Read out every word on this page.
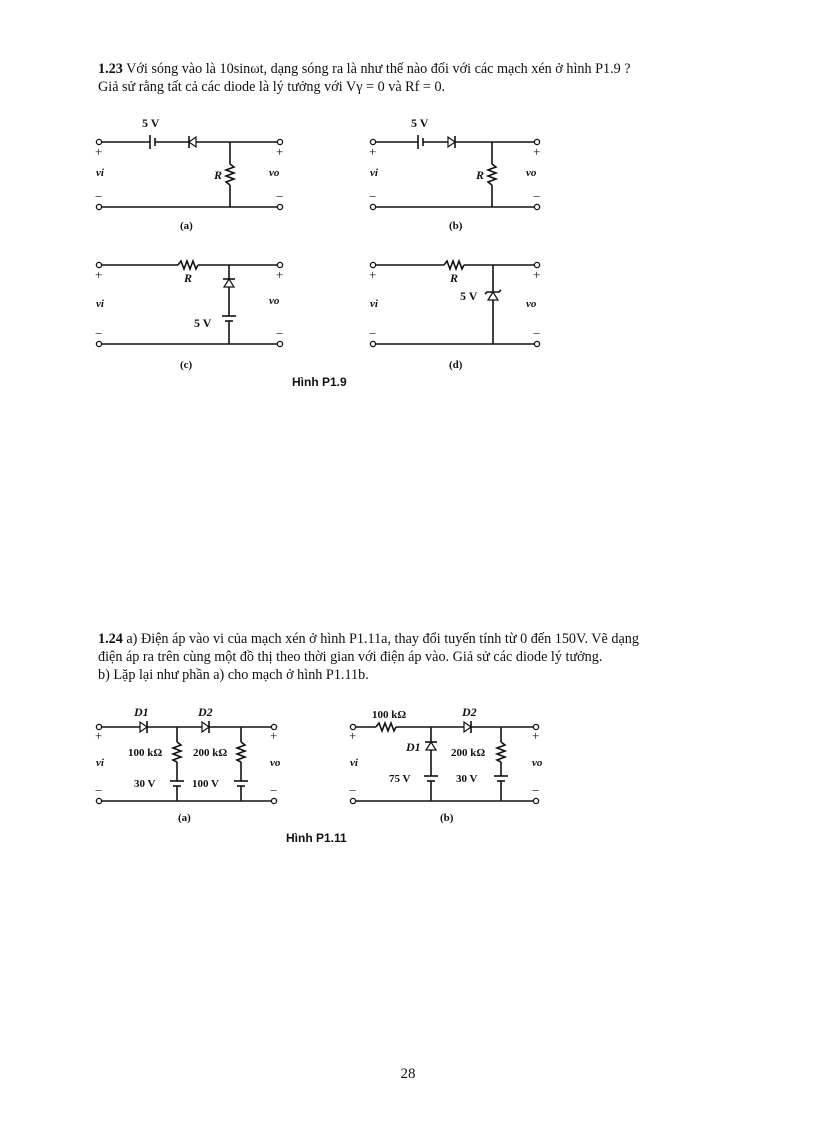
1.23 Với sóng vào là 10sinωt, dạng sóng ra là như thế nào đối với các mạch xén ở hình P1.9 ?
Giả sử rằng tất cả các diode là lý tưởng với Vγ = 0 và Rf = 0.
+	+
−	−
5 V
R
vi	vo
(a)
+	+
−	−
5 V
R
vi	vo
(b)
+	+
−	−
R
5 V
vi	vo
(c)
+	+
−	−
R
5 V
vi	vo
(d)
Hình P1.9
1.24 a) Điện áp vào vi của mạch xén ở hình P1.11a, thay đổi tuyến tính từ 0 đến 150V. Vẽ dạng
điện áp ra trên cùng một đồ thị theo thời gian với điện áp vào. Giả sử các diode lý tưởng.
b) Lặp lại như phần a) cho mạch ở hình P1.11b.
+	+
−	−
D1	D2
100 kΩ	200 kΩ
30 V	100 V
vi	vo
(a)
+	+
−	−
100 kΩ
D1
D2
200 kΩ
75 V	30 V
vi	vo
(b)
Hình P1.11
28
